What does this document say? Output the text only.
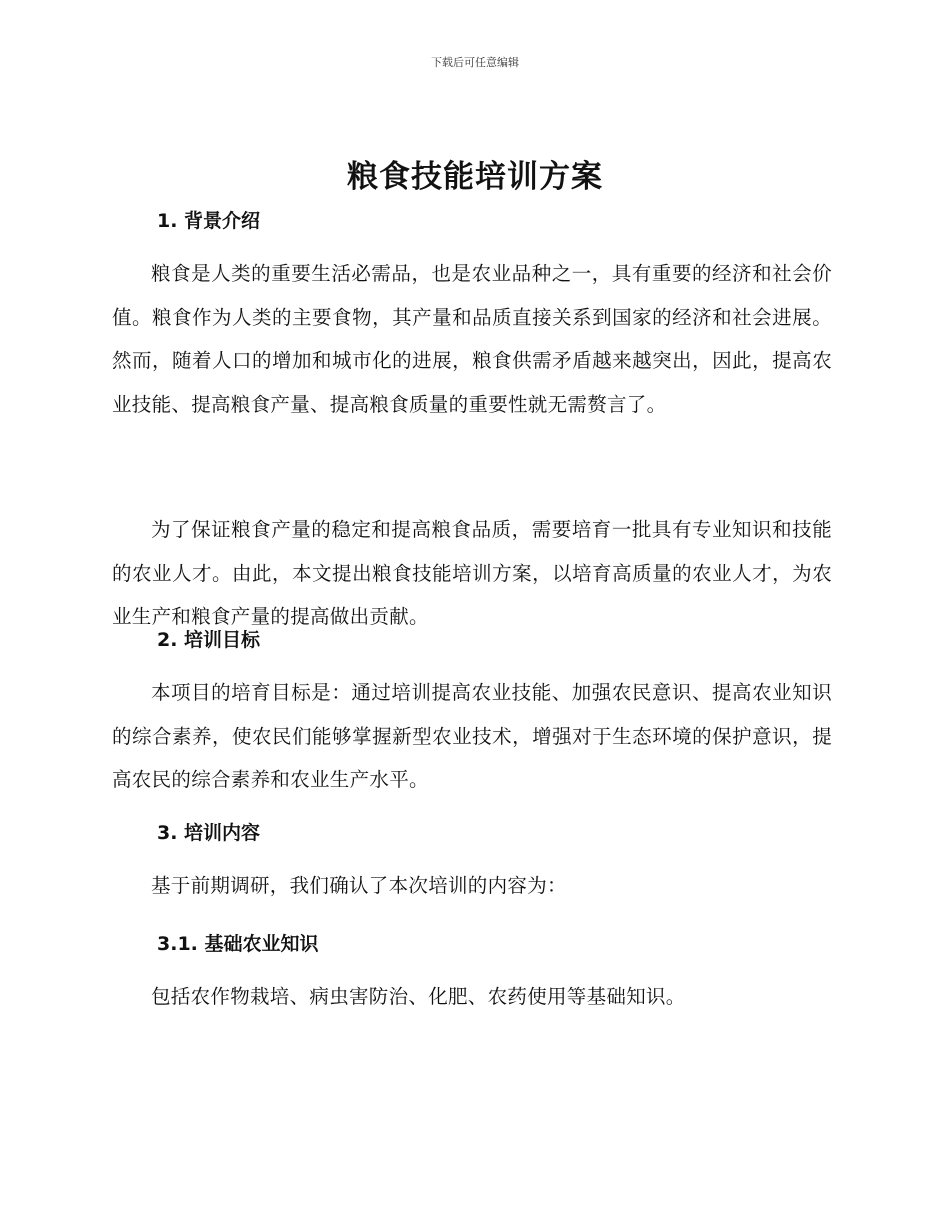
下载后可任意编辑
粮食技能培训方案
1. 背景介绍

粮食是人类的重要生活必需品，也是农业品种之一，具有重要的经济和社会价值。粮食作为人类的主要食物，其产量和品质直接关系到国家的经济和社会进展。然而，随着人口的增加和城市化的进展，粮食供需矛盾越来越突出，因此，提高农业技能、提高粮食产量、提高粮食质量的重要性就无需赘言了。

为了保证粮食产量的稳定和提高粮食品质，需要培育一批具有专业知识和技能的农业人才。由此，本文提出粮食技能培训方案，以培育高质量的农业人才，为农业生产和粮食产量的提高做出贡献。

2. 培训目标

本项目的培育目标是：通过培训提高农业技能、加强农民意识、提高农业知识的综合素养，使农民们能够掌握新型农业技术，增强对于生态环境的保护意识，提高农民的综合素养和农业生产水平。

3. 培训内容

基于前期调研，我们确认了本次培训的内容为：

3.1. 基础农业知识

包括农作物栽培、病虫害防治、化肥、农药使用等基础知识。
